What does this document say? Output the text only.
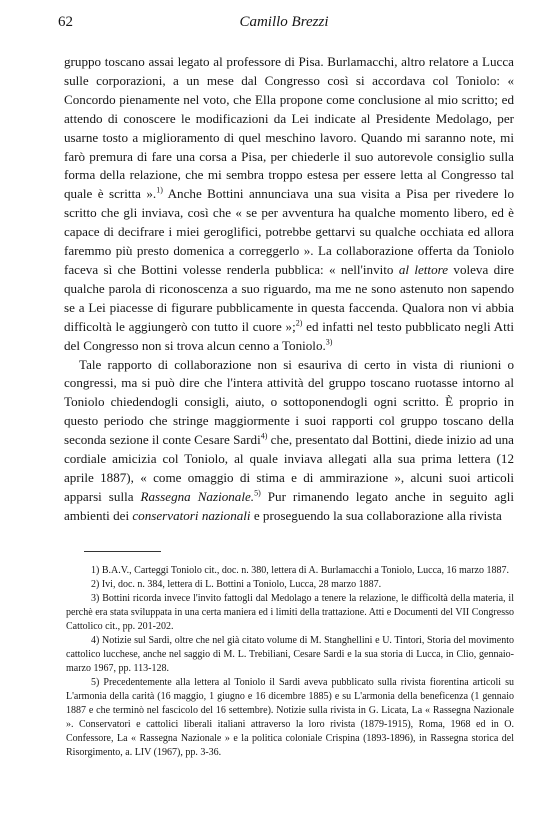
62	Camillo Brezzi

gruppo toscano assai legato al professore di Pisa. Burlamacchi, altro relatore a Lucca sulle corporazioni, a un mese dal Congresso così si accordava col Toniolo: « Concordo pienamente nel voto, che Ella propone come conclusione al mio scritto; ed attendo di conoscere le modificazioni da Lei indicate al Presidente Medolago, per usarne tosto a miglioramento di quel meschino lavoro. Quando mi saranno note, mi farò premura di fare una corsa a Pisa, per chiederle il suo autorevole consiglio sulla forma della relazione, che mi sembra troppo estesa per essere letta al Congresso tal quale è scritta ».$^{1)}$ Anche Bottini annunciava una sua visita a Pisa per rivedere lo scritto che gli inviava, così che « se per avventura ha qualche momento libero, ed è capace di decifrare i miei geroglifici, potrebbe gettarvi su qualche occhiata ed allora faremmo più presto domenica a correggerlo ». La collaborazione offerta da Toniolo faceva sì che Bottini volesse renderla pubblica: « nell'invito al lettore voleva dire qualche parola di riconoscenza a suo riguardo, ma me ne sono astenuto non sapendo se a Lei piacesse di figurare pubblicamente in questa faccenda. Qualora non vi abbia difficoltà le aggiungerò con tutto il cuore »;$^{2)}$ ed infatti nel testo pubblicato negli Atti del Congresso non si trova alcun cenno a Toniolo.$^{3)}$

Tale rapporto di collaborazione non si esauriva di certo in vista di riunioni o congressi, ma si può dire che l'intera attività del gruppo toscano ruotasse intorno al Toniolo chiedendogli consigli, aiuto, o sottoponendogli ogni scritto. È proprio in questo periodo che stringe maggiormente i suoi rapporti col gruppo toscano della seconda sezione il conte Cesare Sardi$^{4)}$ che, presentato dal Bottini, diede inizio ad una cordiale amicizia col Toniolo, al quale inviava allegati alla sua prima lettera (12 aprile 1887), « come omaggio di stima e di ammirazione », alcuni suoi articoli apparsi sulla Rassegna Nazionale.$^{5)}$ Pur rimanendo legato anche in seguito agli ambienti dei conservatori nazionali e proseguendo la sua collaborazione alla rivista

1) B.A.V., Carteggi Toniolo cit., doc. n. 380, lettera di A. Burlamacchi a Toniolo, Lucca, 16 marzo 1887.

2) Ivi, doc. n. 384, lettera di L. Bottini a Toniolo, Lucca, 28 marzo 1887.

3) Bottini ricorda invece l'invito fattogli dal Medolago a tenere la relazione, le difficoltà della materia, il perchè era stata sviluppata in una certa maniera ed i limiti della trattazione. Atti e Documenti del VII Congresso Cattolico cit., pp. 201-202.

4) Notizie sul Sardi, oltre che nel già citato volume di M. Stanghellini e U. Tintori, Storia del movimento cattolico lucchese, anche nel saggio di M. L. Trebiliani, Cesare Sardi e la sua storia di Lucca, in Clio, gennaio-marzo 1967, pp. 113-128.

5) Precedentemente alla lettera al Toniolo il Sardi aveva pubblicato sulla rivista fiorentina articoli su L'armonia della carità (16 maggio, 1 giugno e 16 dicembre 1885) e su L'armonia della beneficenza (1 gennaio 1887 e che terminò nel fascicolo del 16 settembre). Notizie sulla rivista in G. Licata, La « Rassegna Nazionale ». Conservatori e cattolici liberali italiani attraverso la loro rivista (1879-1915), Roma, 1968 ed in O. Confessore, La « Rassegna Nazionale » e la politica coloniale Crispina (1893-1896), in Rassegna storica del Risorgimento, a. LIV (1967), pp. 3-36.
